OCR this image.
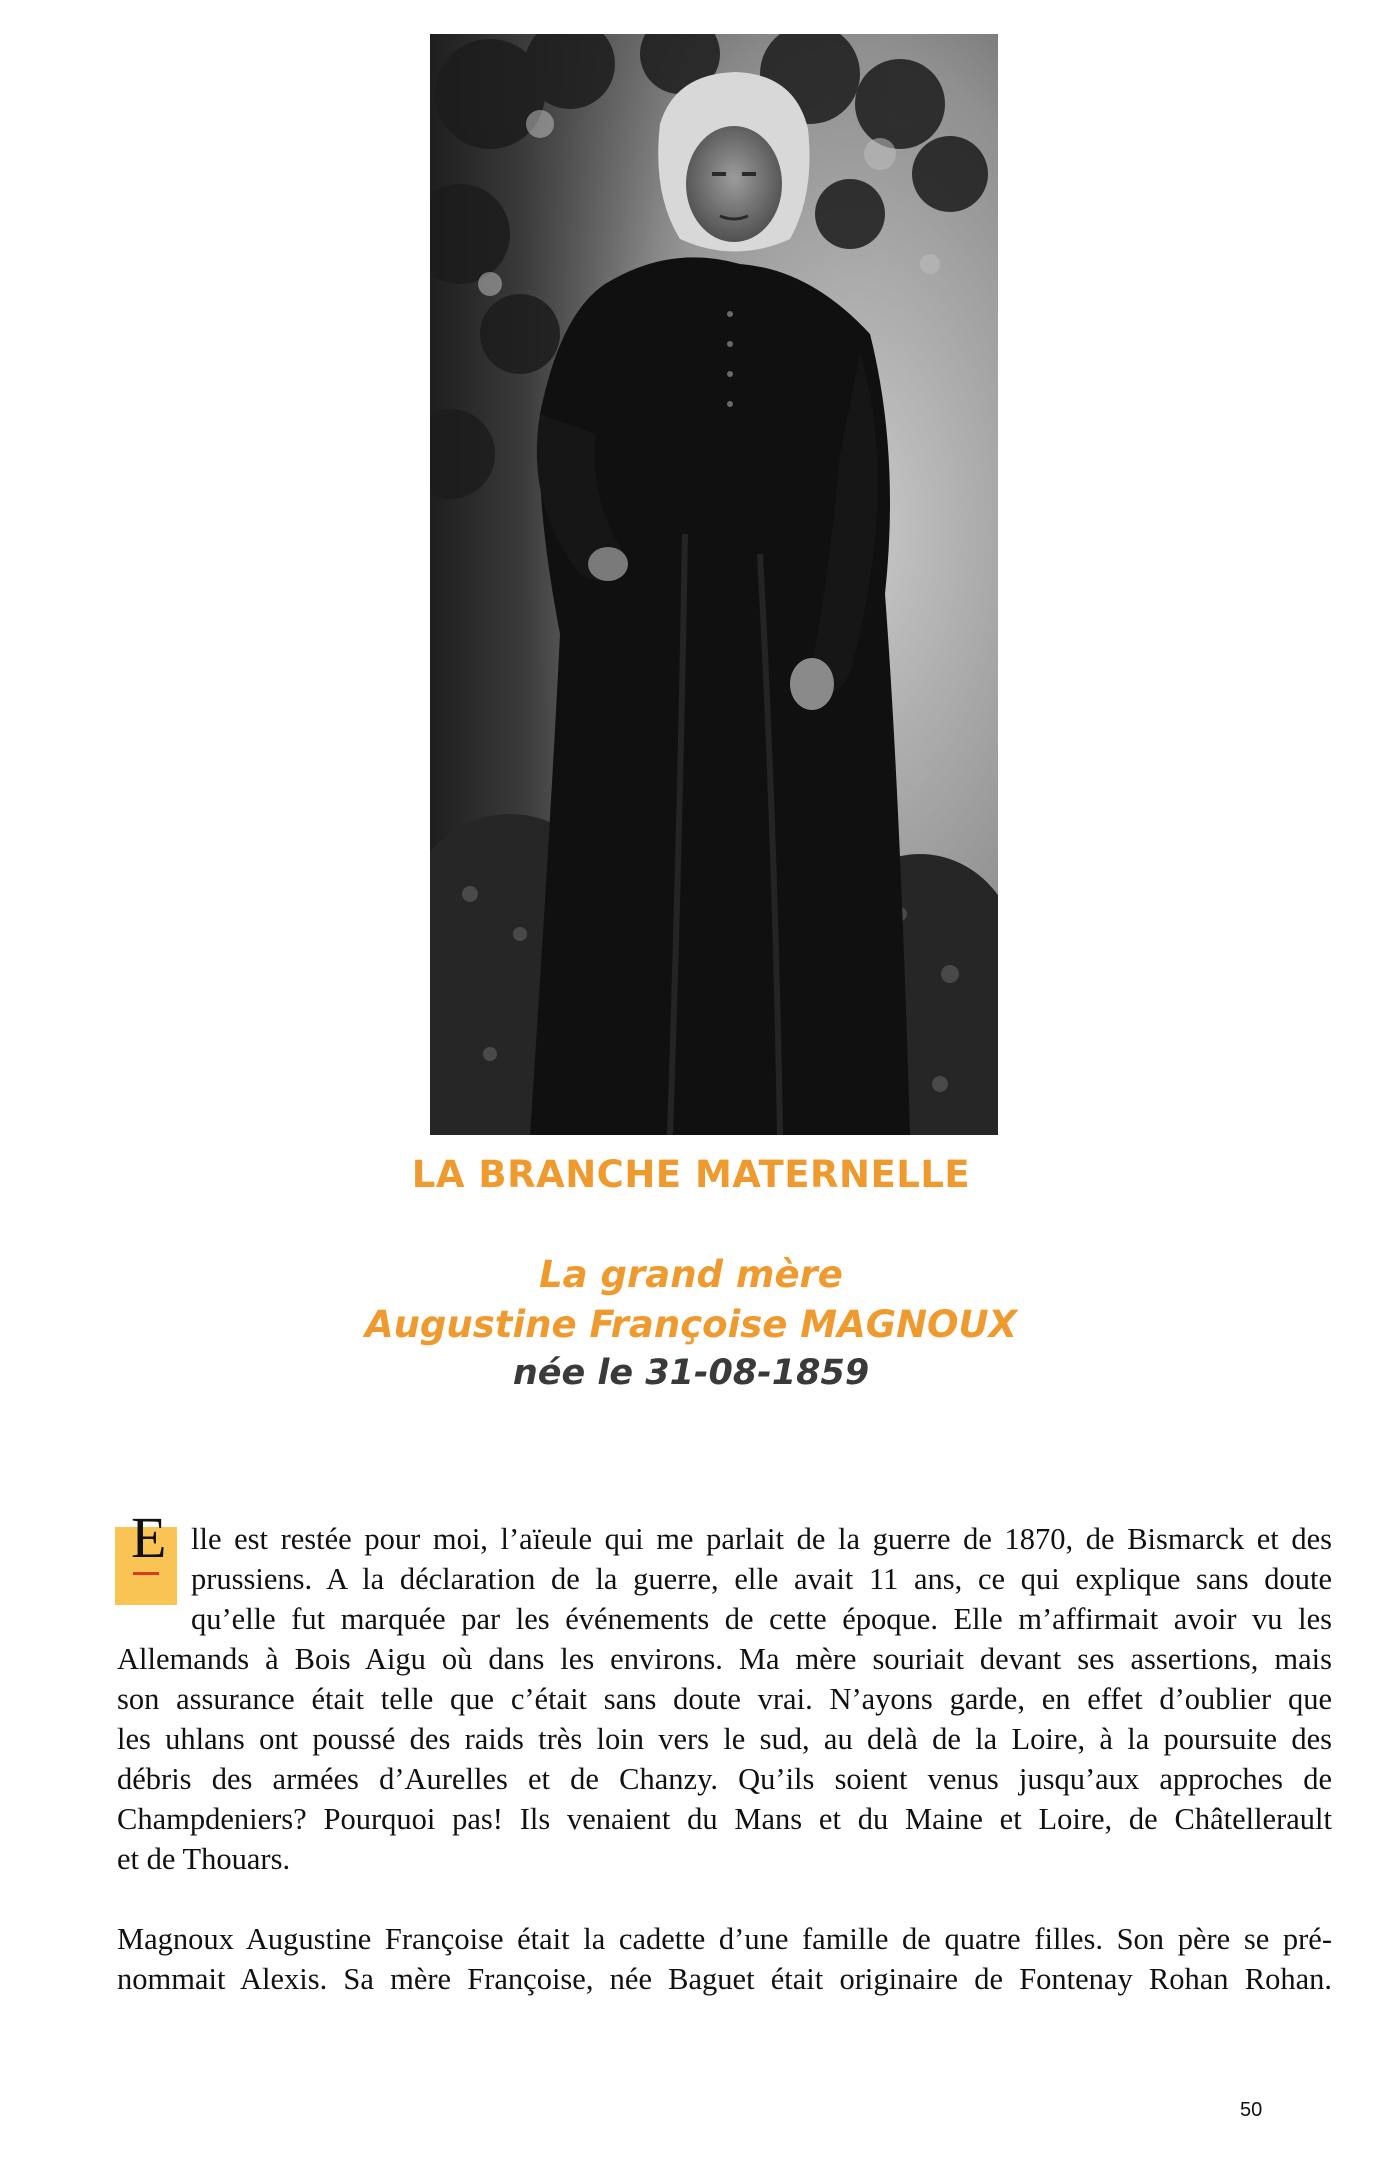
LA BRANCHE MATERNELLE
La grand mère
Augustine Françoise MAGNOUX
née le 31-08-1859
E lle est restée pour moi, l’aïeule qui me parlait de la guerre de 1870, de Bismarck et des
prussiens. A la déclaration de la guerre, elle avait 11 ans, ce qui explique sans doute
qu’elle fut marquée par les événements de cette époque. Elle m’affirmait avoir vu les
Allemands à Bois Aigu où dans les environs. Ma mère souriait devant ses assertions, mais
son assurance était telle que c’était sans doute vrai. N’ayons garde, en effet d’oublier que
les uhlans ont poussé des raids très loin vers le sud, au delà de la Loire, à la poursuite des
débris des armées d’Aurelles et de Chanzy. Qu’ils soient venus jusqu’aux approches de
Champdeniers? Pourquoi pas! Ils venaient du Mans et du Maine et Loire, de Châtellerault
et de Thouars.
Magnoux Augustine Françoise était la cadette d’une famille de quatre filles. Son père se pré-
nommait Alexis. Sa mère Françoise, née Baguet était originaire de Fontenay Rohan Rohan.
50
